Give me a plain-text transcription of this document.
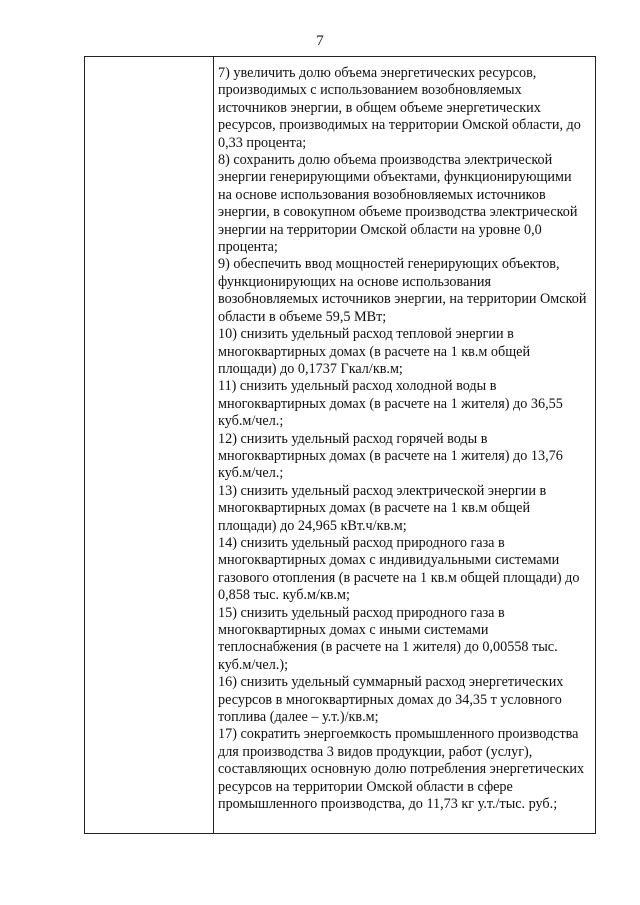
7

7) увеличить долю объема энергетических ресурсов, производимых с использованием возобновляемых источников энергии, в общем объеме энергетических ресурсов, производимых на территории Омской области, до 0,33 процента;

8) сохранить долю объема производства электрической энергии генерирующими объектами, функционирующими на основе использования возобновляемых источников энергии, в совокупном объеме производства электрической энергии на территории Омской области на уровне 0,0 процента;

9) обеспечить ввод мощностей генерирующих объектов, функционирующих на основе использования возобновляемых источников энергии, на территории Омской области в объеме 59,5 МВт;

10) снизить удельный расход тепловой энергии в многоквартирных домах (в расчете на 1 кв.м общей площади) до 0,1737 Гкал/кв.м;

11) снизить удельный расход холодной воды в многоквартирных домах (в расчете на 1 жителя) до 36,55 куб.м/чел.;

12) снизить удельный расход горячей воды в многоквартирных домах (в расчете на 1 жителя) до 13,76 куб.м/чел.;

13) снизить удельный расход электрической энергии в многоквартирных домах (в расчете на 1 кв.м общей площади) до 24,965 кВт.ч/кв.м;

14) снизить удельный расход природного газа в многоквартирных домах с индивидуальными системами газового отопления (в расчете на 1 кв.м общей площади) до 0,858 тыс. куб.м/кв.м;

15) снизить удельный расход природного газа в многоквартирных домах с иными системами теплоснабжения (в расчете на 1 жителя) до 0,00558 тыс. куб.м/чел.);

16) снизить удельный суммарный расход энергетических ресурсов в многоквартирных домах до 34,35 т условного топлива (далее – у.т.)/кв.м;

17) сократить энергоемкость промышленного производства для производства 3 видов продукции, работ (услуг), составляющих основную долю потребления энергетических ресурсов на территории Омской области в сфере промышленного производства, до 11,73 кг у.т./тыс. руб.;
